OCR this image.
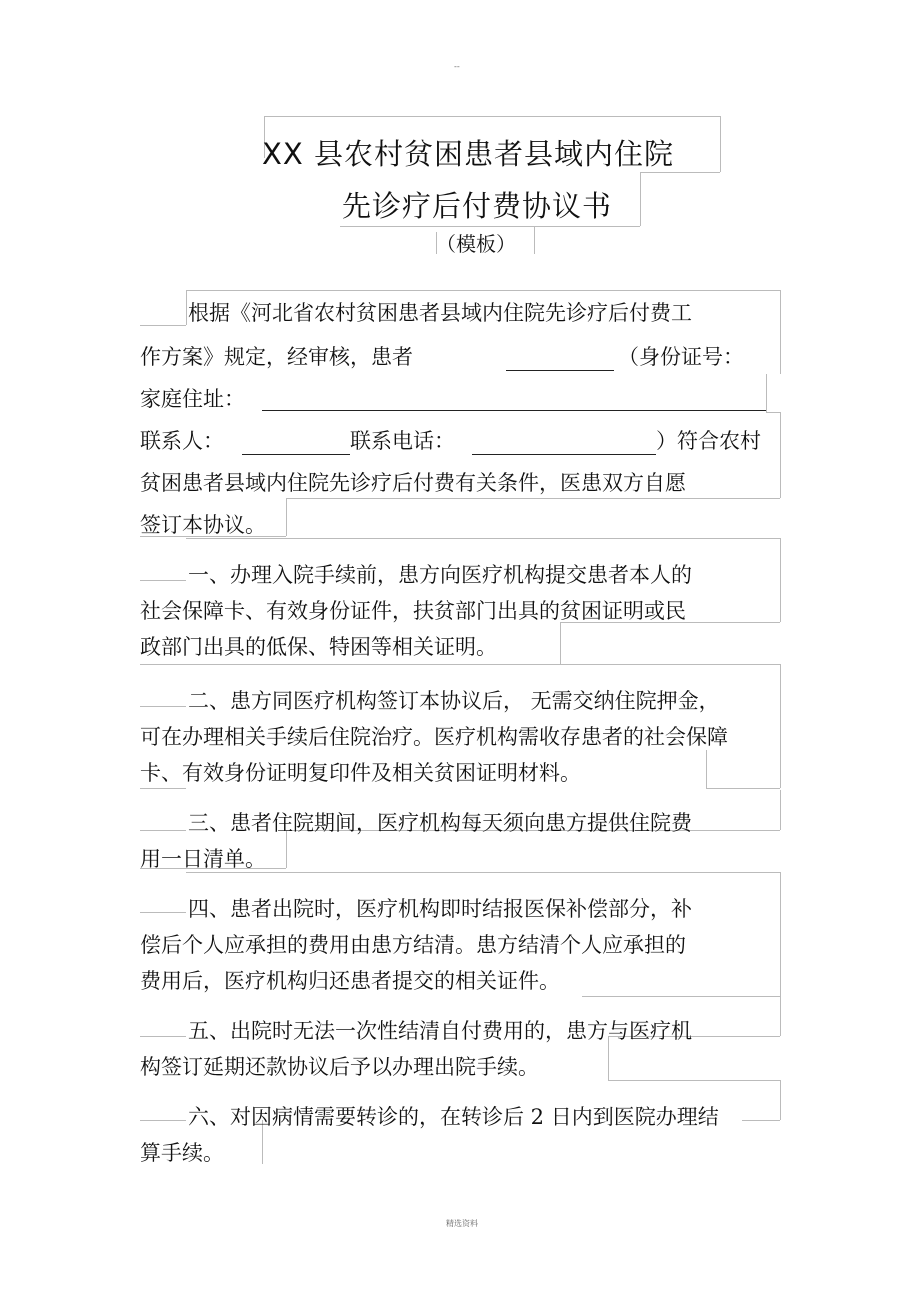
--
XX 县农村贫困患者县域内住院
先诊疗后付费协议书
（模板）
根据《河北省农村贫困患者县域内住院先诊疗后付费工
作方案》规定，经审核，患者	（身份证号：
家庭住址：
联系人：	联系电话：	）符合农村
贫困患者县域内住院先诊疗后付费有关条件，医患双方自愿
签订本协议。
一、办理入院手续前，患方向医疗机构提交患者本人的
社会保障卡、有效身份证件，扶贫部门出具的贫困证明或民
政部门出具的低保、特困等相关证明。
二、患方同医疗机构签订本协议后， 无需交纳住院押金，
可在办理相关手续后住院治疗。医疗机构需收存患者的社会保障
卡、有效身份证明复印件及相关贫困证明材料。
三、患者住院期间，医疗机构每天须向患方提供住院费
用一日清单。
四、患者出院时，医疗机构即时结报医保补偿部分，补
偿后个人应承担的费用由患方结清。患方结清个人应承担的
费用后，医疗机构归还患者提交的相关证件。
五、出院时无法一次性结清自付费用的，患方与医疗机
构签订延期还款协议后予以办理出院手续。
六、对因病情需要转诊的，在转诊后 2 日内到医院办理结
算手续。
精选资料
